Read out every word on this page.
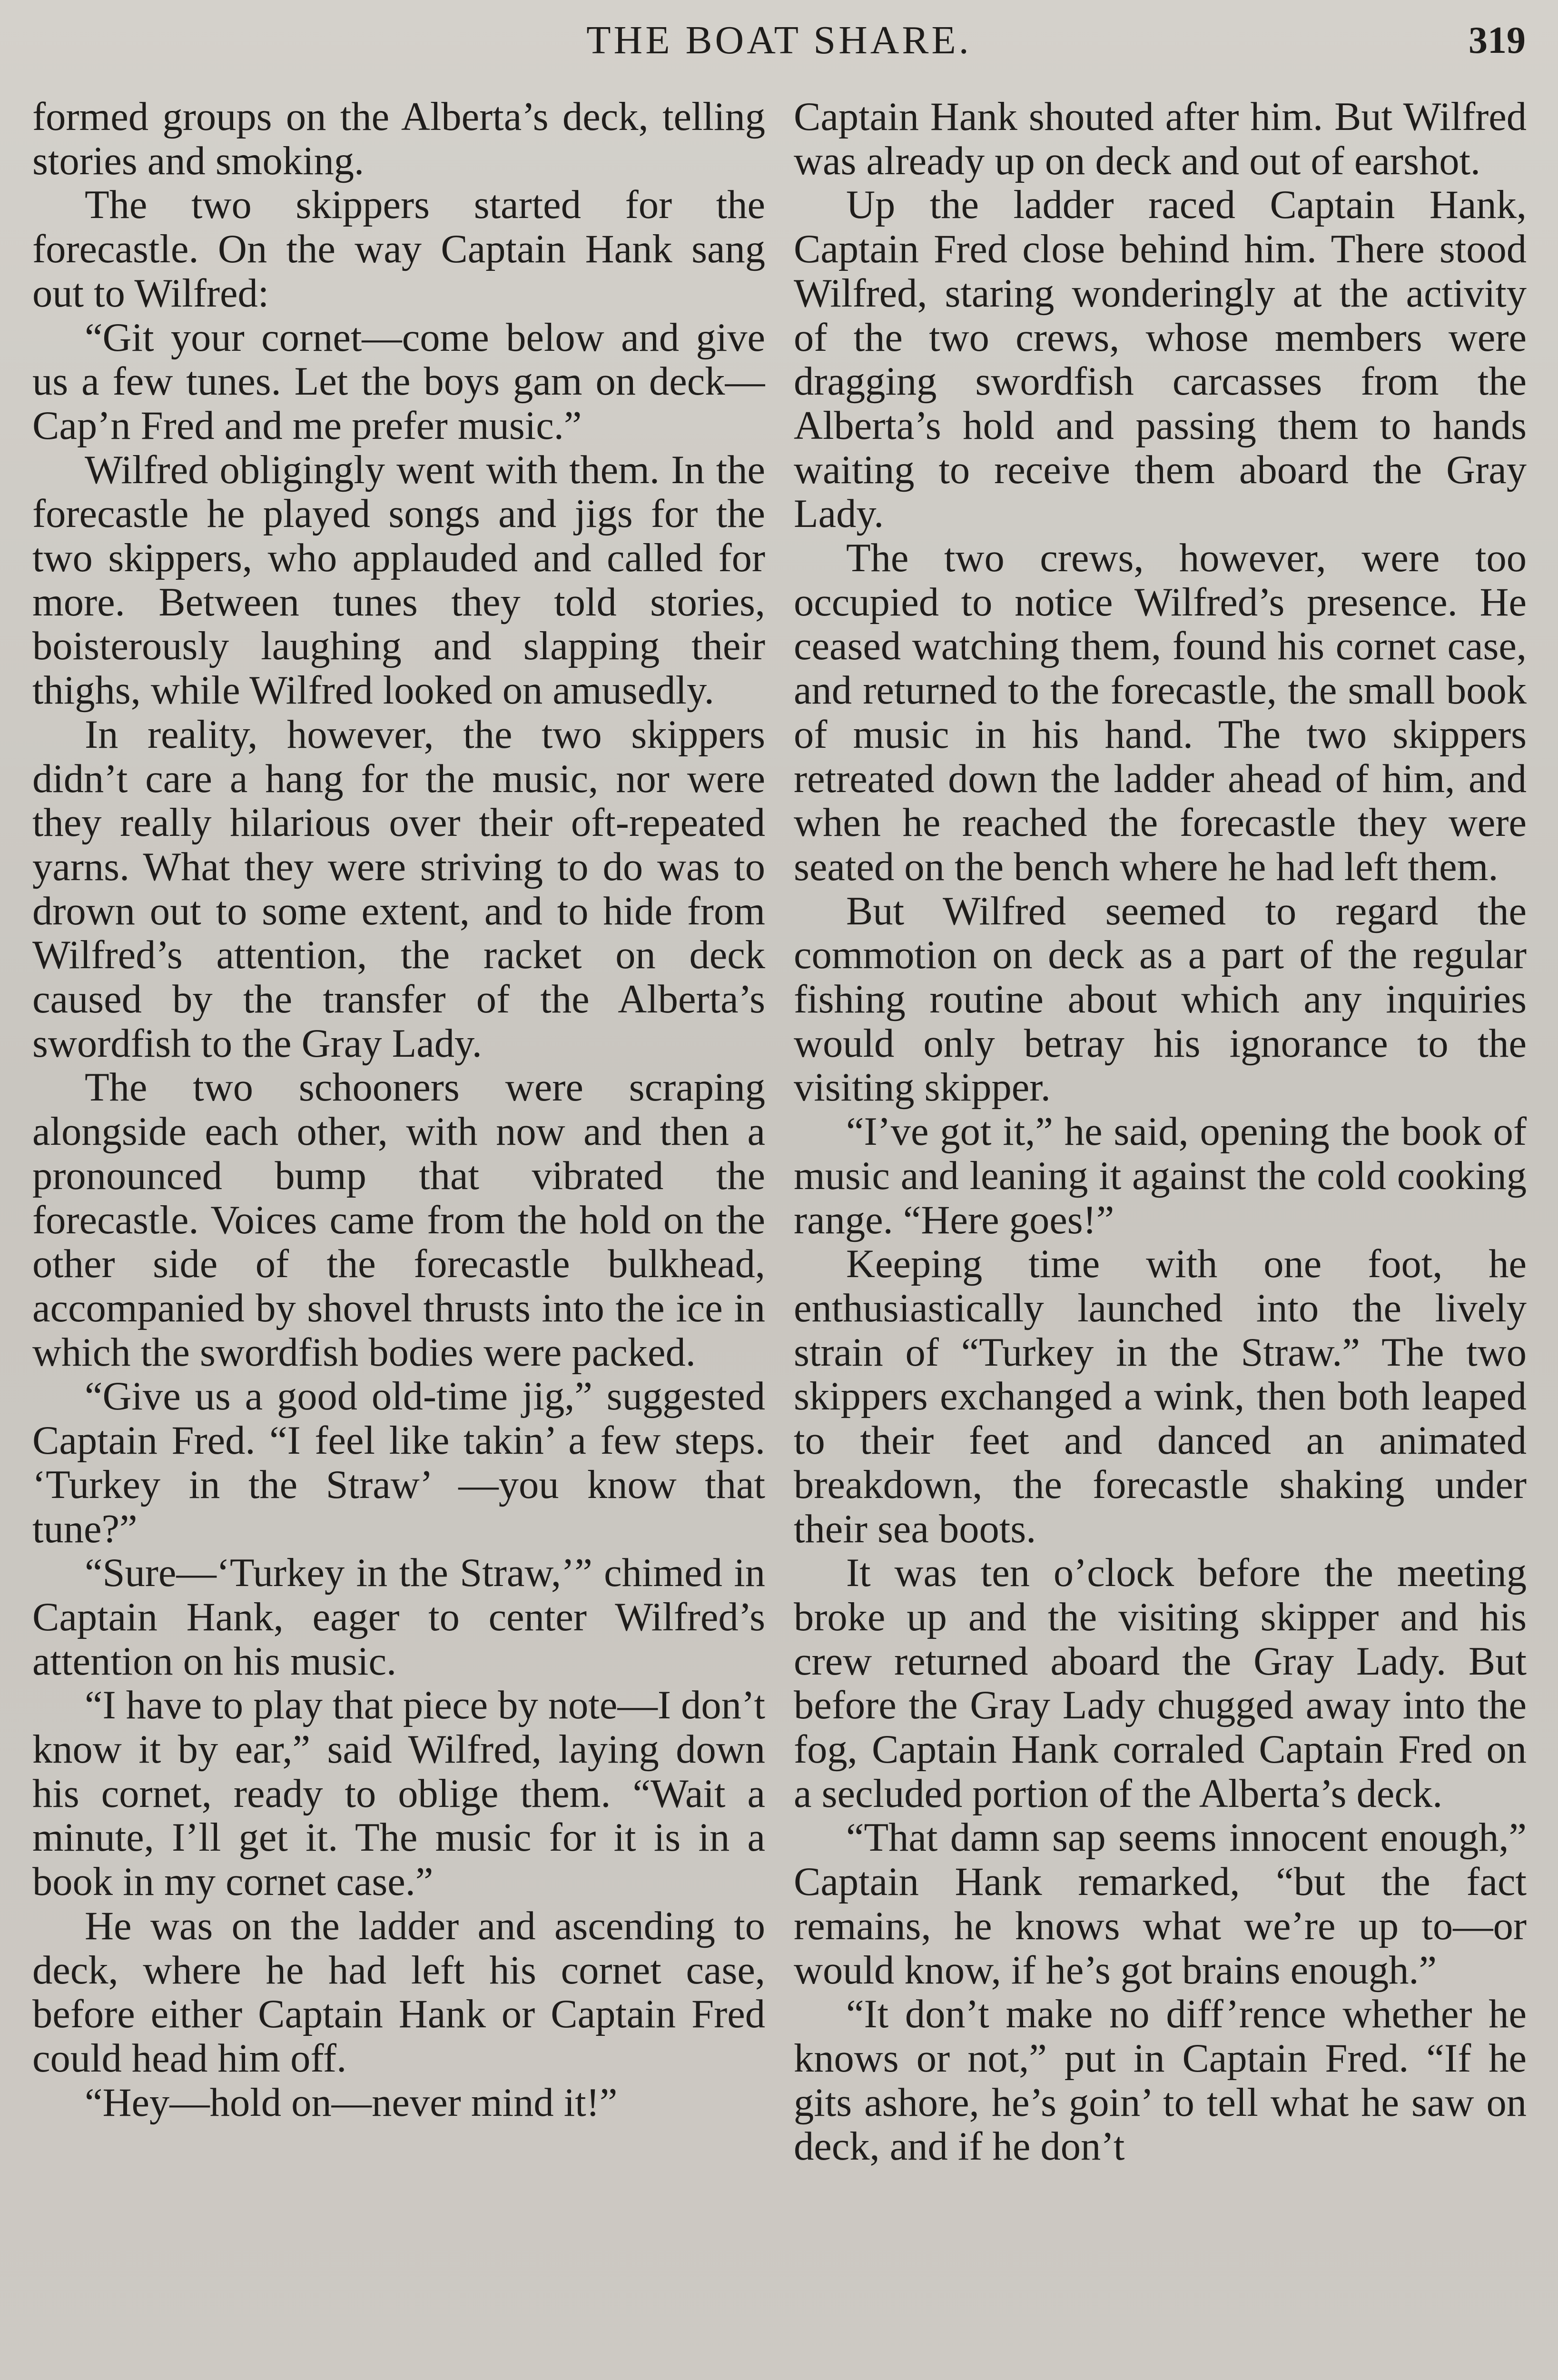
THE BOAT SHARE.	319

formed groups on the Alberta’s deck, telling stories and smoking.

The two skippers started for the forecastle. On the way Captain Hank sang out to Wilfred:

“Git your cornet—come below and give us a few tunes. Let the boys gam on deck—Cap’n Fred and me prefer music.”

Wilfred obligingly went with them. In the forecastle he played songs and jigs for the two skippers, who applauded and called for more. Between tunes they told stories, boisterously laughing and slapping their thighs, while Wilfred looked on amusedly.

In reality, however, the two skippers didn’t care a hang for the music, nor were they really hilarious over their oft-repeated yarns. What they were striving to do was to drown out to some extent, and to hide from Wilfred’s attention, the racket on deck caused by the transfer of the Alberta’s swordfish to the Gray Lady.

The two schooners were scraping alongside each other, with now and then a pronounced bump that vibrated the forecastle. Voices came from the hold on the other side of the forecastle bulkhead, accompanied by shovel thrusts into the ice in which the swordfish bodies were packed.

“Give us a good old-time jig,” suggested Captain Fred. “I feel like takin’ a few steps. ‘Turkey in the Straw’ —you know that tune?”

“Sure—‘Turkey in the Straw,’” chimed in Captain Hank, eager to center Wilfred’s attention on his music.

“I have to play that piece by note—I don’t know it by ear,” said Wilfred, laying down his cornet, ready to oblige them. “Wait a minute, I’ll get it. The music for it is in a book in my cornet case.”

He was on the ladder and ascending to deck, where he had left his cornet case, before either Captain Hank or Captain Fred could head him off.

“Hey—hold on—never mind it!”

Captain Hank shouted after him. But Wilfred was already up on deck and out of earshot.

Up the ladder raced Captain Hank, Captain Fred close behind him. There stood Wilfred, staring wonderingly at the activity of the two crews, whose members were dragging swordfish carcasses from the Alberta’s hold and passing them to hands waiting to receive them aboard the Gray Lady.

The two crews, however, were too occupied to notice Wilfred’s presence. He ceased watching them, found his cornet case, and returned to the forecastle, the small book of music in his hand. The two skippers retreated down the ladder ahead of him, and when he reached the forecastle they were seated on the bench where he had left them.

But Wilfred seemed to regard the commotion on deck as a part of the regular fishing routine about which any inquiries would only betray his ignorance to the visiting skipper.

“I’ve got it,” he said, opening the book of music and leaning it against the cold cooking range. “Here goes!”

Keeping time with one foot, he enthusiastically launched into the lively strain of “Turkey in the Straw.” The two skippers exchanged a wink, then both leaped to their feet and danced an animated breakdown, the forecastle shaking under their sea boots.

It was ten o’clock before the meeting broke up and the visiting skipper and his crew returned aboard the Gray Lady. But before the Gray Lady chugged away into the fog, Captain Hank corraled Captain Fred on a secluded portion of the Alberta’s deck.

“That damn sap seems innocent enough,” Captain Hank remarked, “but the fact remains, he knows what we’re up to—or would know, if he’s got brains enough.”

“It don’t make no diff’rence whether he knows or not,” put in Captain Fred. “If he gits ashore, he’s goin’ to tell what he saw on deck, and if he don’t
